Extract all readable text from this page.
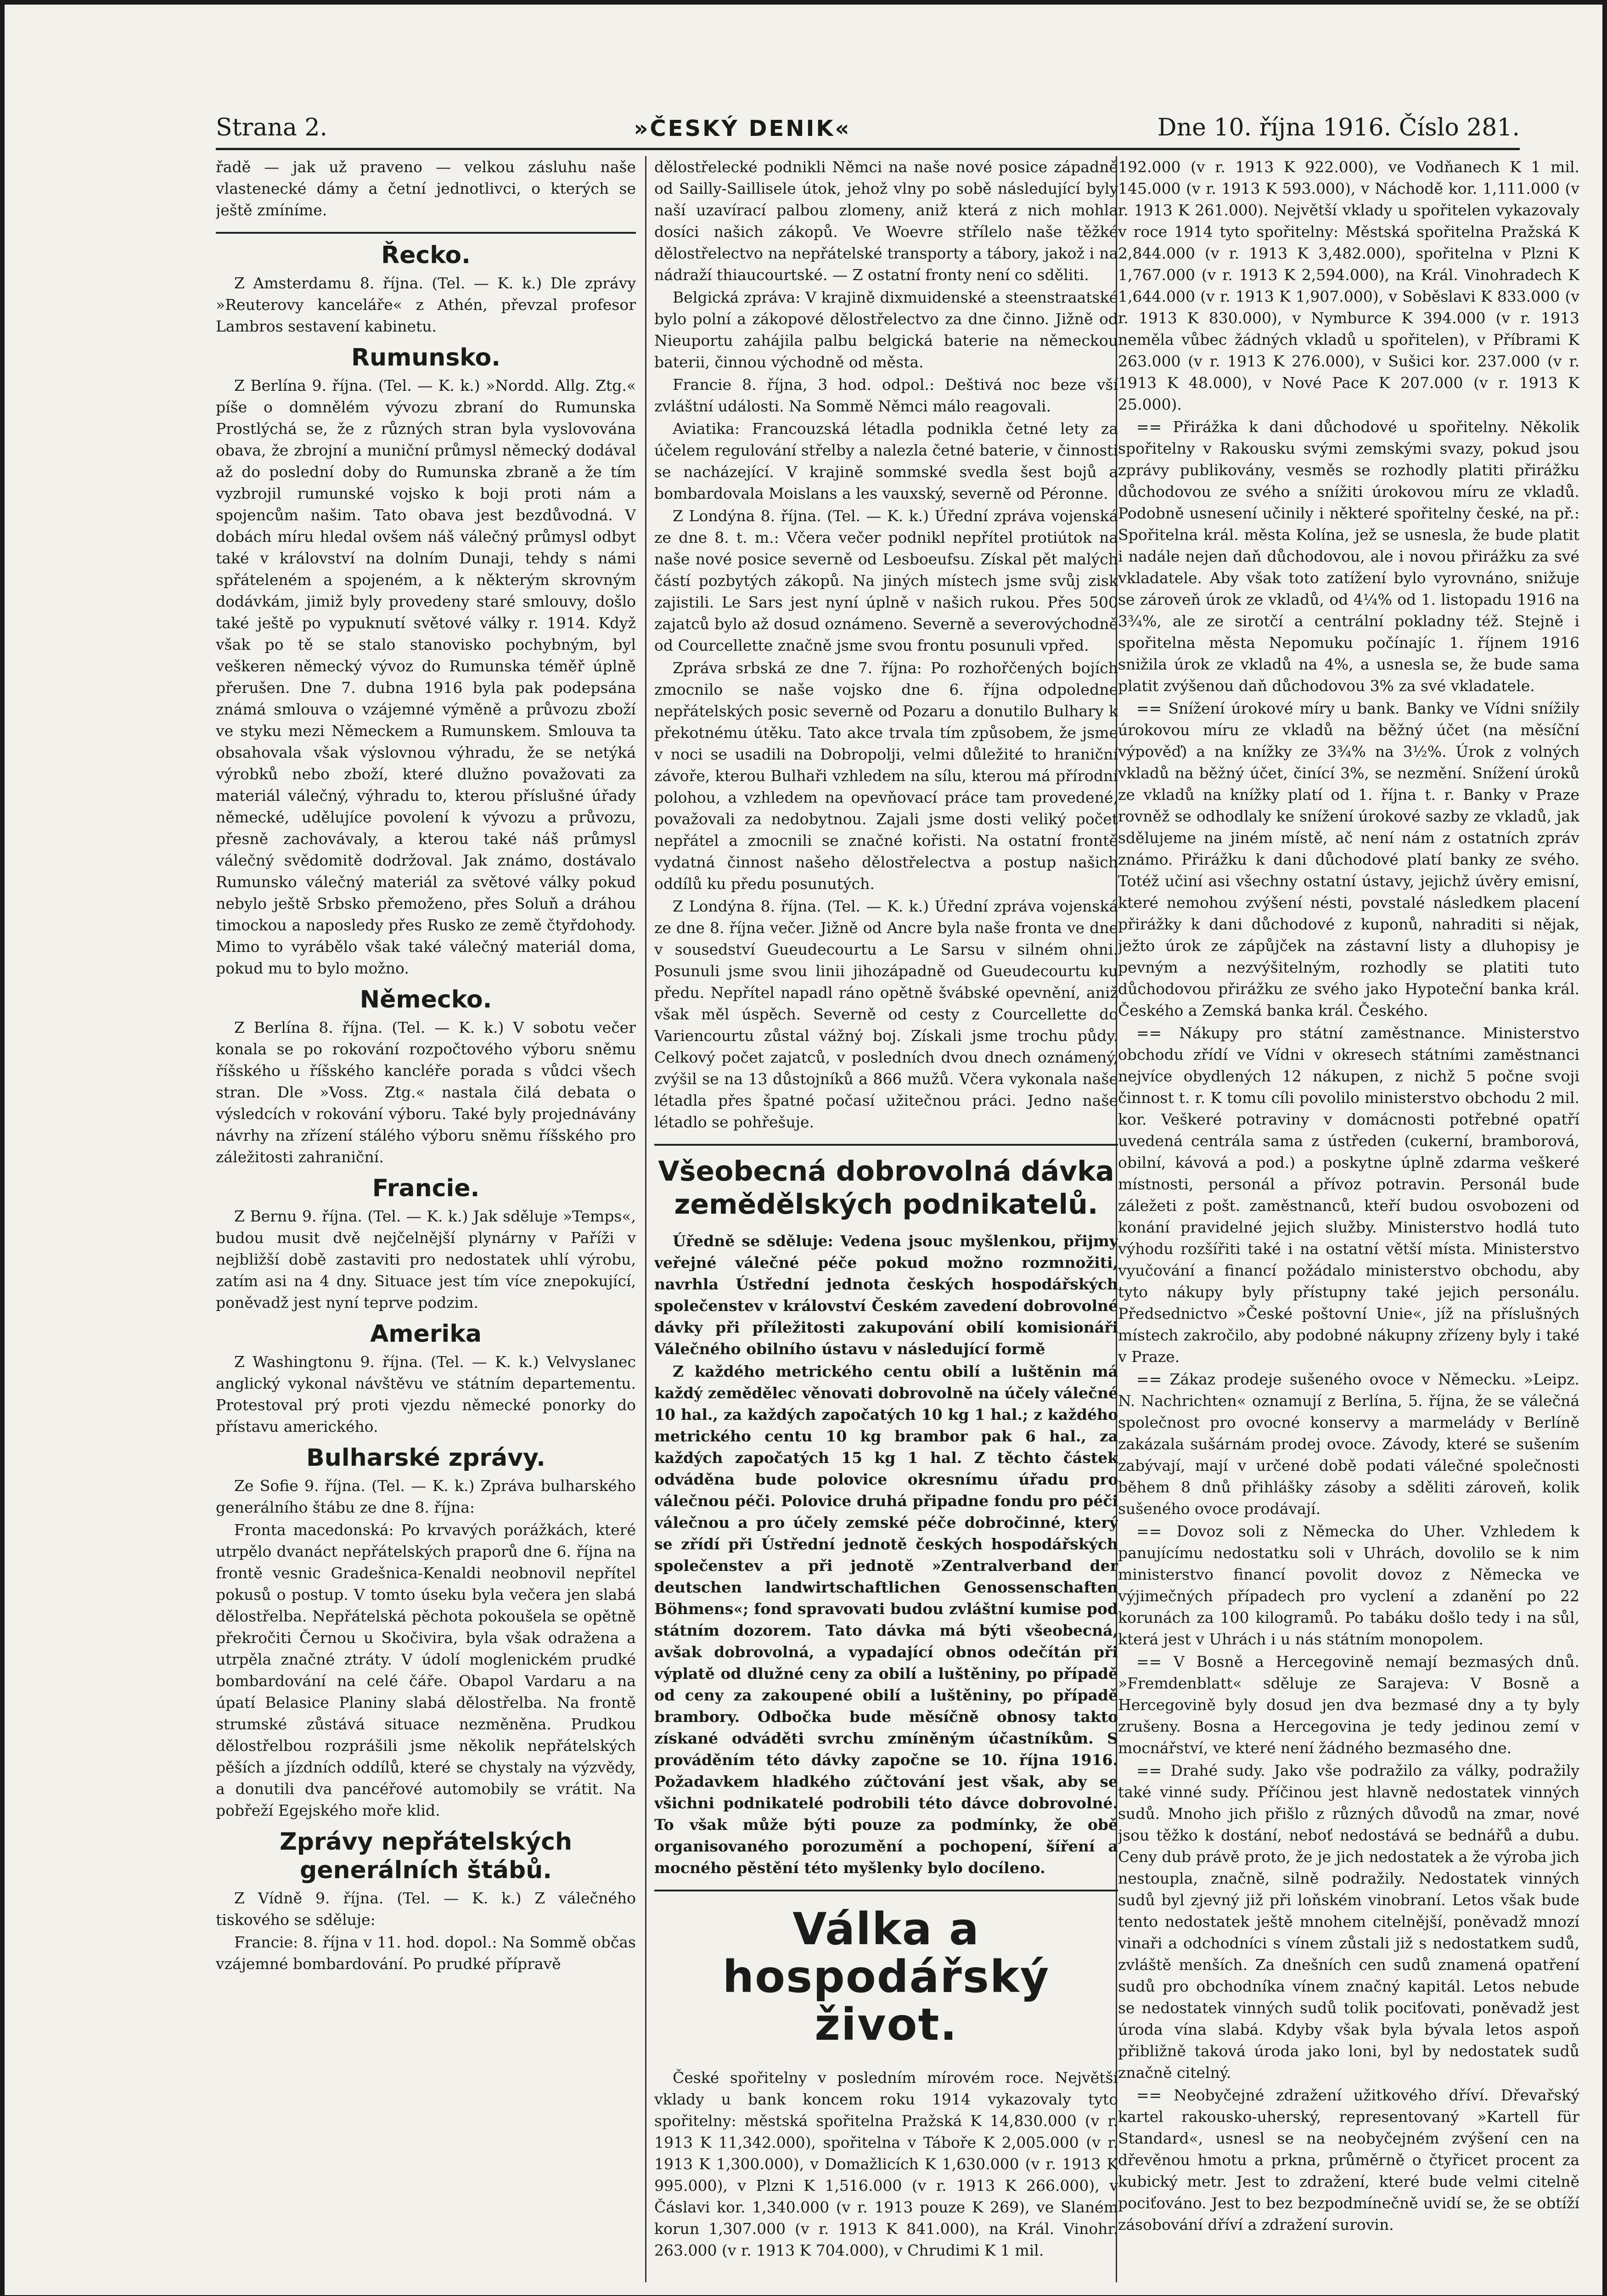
Strana 2.	»ČESKÝ DENIK«	Dne 10. října 1916. Číslo 281.

řadě — jak už praveno — velkou zásluhu naše vlastenecké dámy a četní jednotlivci, o kterých se ještě zmíníme.

Řecko.

Z Amsterdamu 8. října. (Tel. — K. k.) Dle zprávy »Reuterovy kanceláře« z Athén, převzal profesor Lambros sestavení kabinetu.

Rumunsko.

Z Berlína 9. října. (Tel. — K. k.) »Nordd. Allg. Ztg.« píše o domnělém vývozu zbraní do Rumunska Prostlýchá se, že z různých stran byla vyslovována obava, že zbrojní a muniční průmysl německý dodával až do poslední doby do Rumunska zbraně a že tím vyzbrojil rumunské vojsko k boji proti nám a spojencům našim. Tato obava jest bezdůvodná. V dobách míru hledal ovšem náš válečný průmysl odbyt také v království na dolním Dunaji, tehdy s námi spřáteleném a spojeném, a k některým skrovným dodávkám, jimiž byly provedeny staré smlouvy, došlo také ještě po vypuknutí světové války r. 1914. Když však po tě se stalo stanovisko pochybným, byl veškeren německý vývoz do Rumunska téměř úplně přerušen. Dne 7. dubna 1916 byla pak podepsána známá smlouva o vzájemné výměně a průvozu zboží ve styku mezi Německem a Rumunskem. Smlouva ta obsahovala však výslovnou výhradu, že se netýká výrobků nebo zboží, které dlužno považovati za materiál válečný, výhradu to, kterou příslušné úřady německé, udělujíce povolení k vývozu a průvozu, přesně zachovávaly, a kterou také náš průmysl válečný svědomitě dodržoval. Jak známo, dostávalo Rumunsko válečný materiál za světové války pokud nebylo ještě Srbsko přemoženo, přes Soluň a dráhou timockou a naposledy přes Rusko ze země čtyřdohody. Mimo to vyrábělo však také válečný materiál doma, pokud mu to bylo možno.

Německo.

Z Berlína 8. října. (Tel. — K. k.) V sobotu večer konala se po rokování rozpočtového výboru sněmu říšského u říšského kancléře porada s vůdci všech stran. Dle »Voss. Ztg.« nastala čilá debata o výsledcích v rokování výboru. Také byly projednávány návrhy na zřízení stálého výboru sněmu říšského pro záležitosti zahraniční.

Francie.

Z Bernu 9. října. (Tel. — K. k.) Jak sděluje »Temps«, budou musit dvě nejčelnější plynárny v Paříži v nejbližší době zastaviti pro nedostatek uhlí výrobu, zatím asi na 4 dny. Situace jest tím více znepokující, poněvadž jest nyní teprve podzim.

Amerika

Z Washingtonu 9. října. (Tel. — K. k.) Velvyslanec anglický vykonal návštěvu ve státním departementu. Protestoval prý proti vjezdu německé ponorky do přístavu amerického.

Bulharské zprávy.

Ze Sofie 9. října. (Tel. — K. k.) Zpráva bulharského generálního štábu ze dne 8. října:

Fronta macedonská: Po krvavých porážkách, které utrpělo dvanáct nepřátelských praporů dne 6. října na frontě vesnic Gradešnica-Kenaldi neobnovil nepřítel pokusů o postup. V tomto úseku byla večera jen slabá dělostřelba. Nepřátelská pěchota pokoušela se opětně překročiti Černou u Skočivira, byla však odražena a utrpěla značné ztráty. V údolí moglenickém prudké bombardování na celé čáře. Obapol Vardaru a na úpatí Belasice Planiny slabá dělostřelba. Na frontě strumské zůstává situace nezměněna. Prudkou dělostřelbou rozprášili jsme několik nepřátelských pěších a jízdních oddílů, které se chystaly na výzvědy, a donutili dva pancéřové automobily se vrátit. Na pobřeží Egejského moře klid.

Zprávy nepřátelských generálních štábů.

Z Vídně 9. října. (Tel. — K. k.) Z válečného tiskového se sděluje:

Francie: 8. října v 11. hod. dopol.: Na Sommě občas vzájemné bombardování. Po prudké přípravě

dělostřelecké podnikli Němci na naše nové posice západně od Sailly-Saillisele útok, jehož vlny po sobě následující byly naší uzavírací palbou zlomeny, aniž která z nich mohla dosíci našich zákopů. Ve Woevre střílelo naše těžké dělostřelectvo na nepřátelské transporty a tábory, jakož i na nádraží thiaucourtské. — Z ostatní fronty není co sděliti.

Belgická zpráva: V krajině dixmuidenské a steenstraatské bylo polní a zákopové dělostřelectvo za dne činno. Jižně od Nieuportu zahájila palbu belgická baterie na německou baterii, činnou východně od města.

Francie 8. října, 3 hod. odpol.: Deštivá noc beze vší zvláštní události. Na Sommě Němci málo reagovali.

Aviatika: Francouzská létadla podnikla četné lety za účelem regulování střelby a nalezla četné baterie, v činnosti se nacházející. V krajině sommské svedla šest bojů a bombardovala Moislans a les vauxský, severně od Péronne.

Z Londýna 8. října. (Tel. — K. k.) Úřední zpráva vojenská ze dne 8. t. m.: Včera večer podnikl nepřítel protiútok na naše nové posice severně od Lesboeufsu. Získal pět malých částí pozbytých zákopů. Na jiných místech jsme svůj zisk zajistili. Le Sars jest nyní úplně v našich rukou. Přes 500 zajatců bylo až dosud oznámeno. Severně a severovýchodně od Courcellette značně jsme svou frontu posunuli vpřed.

Zpráva srbská ze dne 7. října: Po rozhořčených bojích zmocnilo se naše vojsko dne 6. října odpoledne nepřátelských posic severně od Pozaru a donutilo Bulhary k překotnému útěku. Tato akce trvala tím způsobem, že jsme v noci se usadili na Dobropolji, velmi důležité to hraniční závoře, kterou Bulhaři vzhledem na sílu, kterou má přírodní polohou, a vzhledem na opevňovací práce tam provedené, považovali za nedobytnou. Zajali jsme dosti veliký počet nepřátel a zmocnili se značné kořisti. Na ostatní frontě vydatná činnost našeho dělostřelectva a postup našich oddílů ku předu posunutých.

Z Londýna 8. října. (Tel. — K. k.) Úřední zpráva vojenská ze dne 8. října večer. Jižně od Ancre byla naše fronta ve dne v sousedství Gueudecourtu a Le Sarsu v silném ohni. Posunuli jsme svou linii jihozápadně od Gueudecourtu ku předu. Nepřítel napadl ráno opětně švábské opevnění, aniž však měl úspěch. Severně od cesty z Courcellette do Variencourtu zůstal vážný boj. Získali jsme trochu půdy. Celkový počet zajatců, v posledních dvou dnech oznámený, zvýšil se na 13 důstojníků a 866 mužů. Včera vykonala naše létadla přes špatné počasí užitečnou práci. Jedno naše létadlo se pohřešuje.

Všeobecná dobrovolná dávka zemědělských podnikatelů.

Úředně se sděluje: Vedena jsouc myšlenkou, přijmy veřejné válečné péče pokud možno rozmnožiti, navrhla Ústřední jednota českých hospodářských společenstev v království Českém zavedení dobrovolné dávky při příležitosti zakupování obilí komisionáři Válečného obilního ústavu v následující formě

Z každého metrického centu obilí a luštěnin má každý zemědělec věnovati dobrovolně na účely válečné 10 hal., za každých započatých 10 kg 1 hal.; z každého metrického centu 10 kg brambor pak 6 hal., za každých započatých 15 kg 1 hal. Z těchto částek odváděna bude polovice okresnímu úřadu pro válečnou péči. Polovice druhá připadne fondu pro péči válečnou a pro účely zemské péče dobročinné, který se zřídí při Ústřední jednotě českých hospodářských společenstev a při jednotě »Zentralverband der deutschen landwirtschaftlichen Genossenschaften Böhmens«; fond spravovati budou zvláštní kumise pod státním dozorem. Tato dávka má býti všeobecná, avšak dobrovolná, a vypadající obnos odečítán při výplatě od dlužné ceny za obilí a luštěniny, po případě od ceny za zakoupené obilí a luštěniny, po případě brambory. Odbočka bude měsíčně obnosy takto získané odváděti svrchu zmíněným účastníkům. S prováděním této dávky započne se 10. října 1916. Požadavkem hladkého zúčtování jest však, aby se všichni podnikatelé podrobili této dávce dobrovolné. To však může býti pouze za podmínky, že obě organisovaného porozumění a pochopení, šíření a mocného pěstění této myšlenky bylo docíleno.

Válka a hospodářský život.

České spořitelny v posledním mírovém roce. Největší vklady u bank koncem roku 1914 vykazovaly tyto spořitelny: městská spořitelna Pražská K 14,830.000 (v r. 1913 K 11,342.000), spořitelna v Táboře K 2,005.000 (v r. 1913 K 1,300.000), v Domažlicích K 1,630.000 (v r. 1913 K 995.000), v Plzni K 1,516.000 (v r. 1913 K 266.000), v Čáslavi kor. 1,340.000 (v r. 1913 pouze K 269), ve Slaném korun 1,307.000 (v r. 1913 K 841.000), na Král. Vinohr. 263.000 (v r. 1913 K 704.000), v Chrudimi K 1 mil.

192.000 (v r. 1913 K 922.000), ve Vodňanech K 1 mil. 145.000 (v r. 1913 K 593.000), v Náchodě kor. 1,111.000 (v r. 1913 K 261.000). Největší vklady u spořitelen vykazovaly v roce 1914 tyto spořitelny: Městská spořitelna Pražská K 2,844.000 (v r. 1913 K 3,482.000), spořitelna v Plzni K 1,767.000 (v r. 1913 K 2,594.000), na Král. Vinohradech K 1,644.000 (v r. 1913 K 1,907.000), v Soběslavi K 833.000 (v r. 1913 K 830.000), v Nymburce K 394.000 (v r. 1913 neměla vůbec žádných vkladů u spořitelen), v Příbrami K 263.000 (v r. 1913 K 276.000), v Sušici kor. 237.000 (v r. 1913 K 48.000), v Nové Pace K 207.000 (v r. 1913 K 25.000).

== Přirážka k dani důchodové u spořitelny. Několik spořitelny v Rakousku svými zemskými svazy, pokud jsou zprávy publikovány, vesměs se rozhodly platiti přirážku důchodovou ze svého a snížiti úrokovou míru ze vkladů. Podobně usnesení učinily i některé spořitelny české, na př.: Spořitelna král. města Kolína, jež se usnesla, že bude platit i nadále nejen daň důchodovou, ale i novou přirážku za své vkladatele. Aby však toto zatížení bylo vyrovnáno, snižuje se zároveň úrok ze vkladů, od 4¼% od 1. listopadu 1916 na 3¾%, ale ze sirotčí a centrální pokladny též. Stejně i spořitelna města Nepomuku počínajíc 1. říjnem 1916 snižila úrok ze vkladů na 4%, a usnesla se, že bude sama platit zvýšenou daň důchodovou 3% za své vkladatele.

== Snížení úrokové míry u bank. Banky ve Vídni snížily úrokovou míru ze vkladů na běžný účet (na měsíční výpověď) a na knížky ze 3¾% na 3½%. Úrok z volných vkladů na běžný účet, činící 3%, se nezmění. Snížení úroků ze vkladů na knížky platí od 1. října t. r. Banky v Praze rovněž se odhodlaly ke snížení úrokové sazby ze vkladů, jak sdělujeme na jiném místě, ač není nám z ostatních zpráv známo. Přirážku k dani důchodové platí banky ze svého. Totéž učiní asi všechny ostatní ústavy, jejichž úvěry emisní, které nemohou zvýšení nésti, povstalé následkem placení přirážky k dani důchodové z kuponů, nahraditi si nějak, ježto úrok ze zápůjček na zástavní listy a dluhopisy je pevným a nezvýšitelným, rozhodly se platiti tuto důchodovou přirážku ze svého jako Hypoteční banka král. Českého a Zemská banka král. Českého.

== Nákupy pro státní zaměstnance. Ministerstvo obchodu zřídí ve Vídni v okresech státními zaměstnanci nejvíce obydlených 12 nákupen, z nichž 5 počne svoji činnost t. r. K tomu cíli povolilo ministerstvo obchodu 2 mil. kor. Veškeré potraviny v domácnosti potřebné opatří uvedená centrála sama z ústředen (cukerní, bramborová, obilní, kávová a pod.) a poskytne úplně zdarma veškeré místnosti, personál a přívoz potravin. Personál bude záležeti z pošt. zaměstnanců, kteří budou osvobozeni od konání pravidelné jejich služby. Ministerstvo hodlá tuto výhodu rozšířiti také i na ostatní větší místa. Ministerstvo vyučování a financí požádalo ministerstvo obchodu, aby tyto nákupy byly přístupny také jejich personálu. Předsednictvo »České poštovní Unie«, jíž na příslušných místech zakročilo, aby podobné nákupny zřízeny byly i také v Praze.

== Zákaz prodeje sušeného ovoce v Německu. »Leipz. N. Nachrichten« oznamují z Berlína, 5. října, že se válečná společnost pro ovocné konservy a marmelády v Berlíně zakázala sušárnám prodej ovoce. Závody, které se sušením zabývají, mají v určené době podati válečné společnosti během 8 dnů přihlášky zásoby a sděliti zároveň, kolik sušeného ovoce prodávají.

== Dovoz soli z Německa do Uher. Vzhledem k panujícímu nedostatku soli v Uhrách, dovolilo se k nim ministerstvo financí povolit dovoz z Německa ve výjimečných případech pro vyclení a zdanění po 22 korunách za 100 kilogramů. Po tabáku došlo tedy i na sůl, která jest v Uhrách i u nás státním monopolem.

== V Bosně a Hercegovině nemají bezmasých dnů. »Fremdenblatt« sděluje ze Sarajeva: V Bosně a Hercegovině byly dosud jen dva bezmasé dny a ty byly zrušeny. Bosna a Hercegovina je tedy jedinou zemí v mocnářství, ve které není žádného bezmasého dne.

== Drahé sudy. Jako vše podražilo za války, podražily také vinné sudy. Příčinou jest hlavně nedostatek vinných sudů. Mnoho jich přišlo z různých důvodů na zmar, nové jsou těžko k dostání, neboť nedostává se bednářů a dubu. Ceny dub právě proto, že je jich nedostatek a že výroba jich nestoupla, značně, silně podražily. Nedostatek vinných sudů byl zjevný již při loňském vinobraní. Letos však bude tento nedostatek ještě mnohem citelnější, poněvadž mnozí vinaři a odchodníci s vínem zůstali již s nedostatkem sudů, zvláště menších. Za dnešních cen sudů znamená opatření sudů pro obchodníka vínem značný kapitál. Letos nebude se nedostatek vinných sudů tolik pociťovati, poněvadž jest úroda vína slabá. Kdyby však byla bývala letos aspoň přibližně taková úroda jako loni, byl by nedostatek sudů značně citelný.

== Neobyčejné zdražení užitkového dříví. Dřevařský kartel rakousko-uherský, representovaný »Kartell für Standard«, usnesl se na neobyčejném zvýšení cen na dřevěnou hmotu a prkna, průměrně o čtyřicet procent za kubický metr. Jest to zdražení, které bude velmi citelně pociťováno. Jest to bez bezpodmínečně uvidí se, že se obtíží zásobování dříví a zdražení surovin.
